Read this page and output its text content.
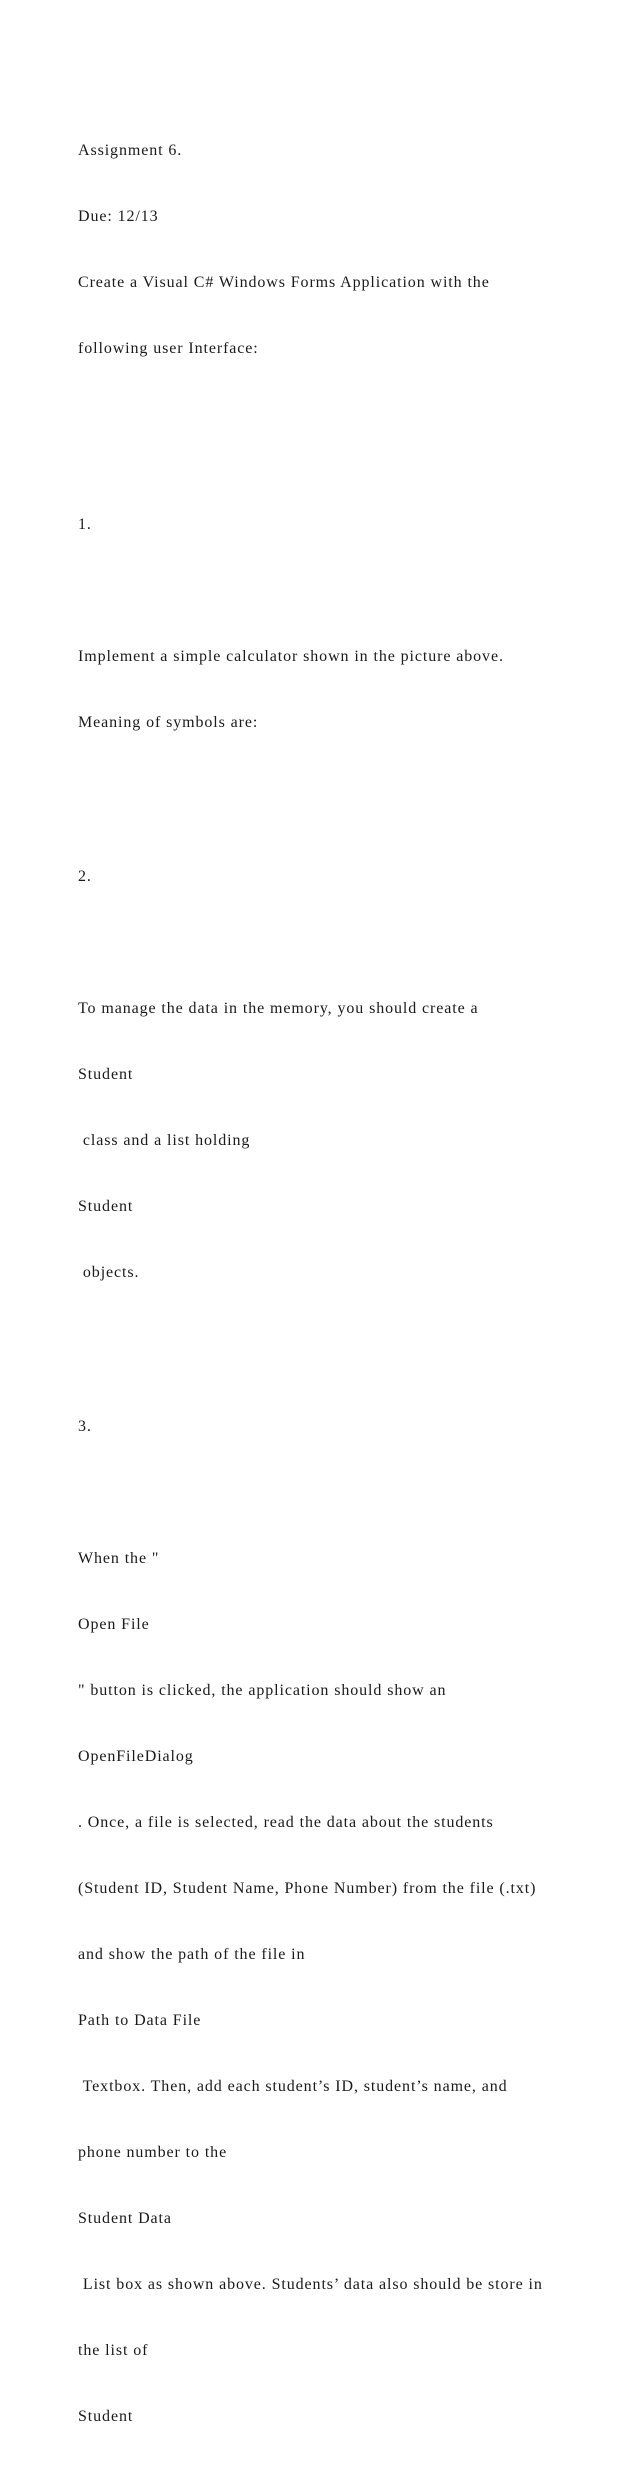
Assignment 6.

Due: 12/13

Create a Visual C# Windows Forms Application with the

following user Interface:

1.

Implement a simple calculator shown in the picture above.

Meaning of symbols are:

2.

To manage the data in the memory, you should create a

Student

class and a list holding

Student

objects.

3.

When the "

Open File

" button is clicked, the application should show an

OpenFileDialog

. Once, a file is selected, read the data about the students

(Student ID, Student Name, Phone Number) from the file (.txt)

and show the path of the file in

Path to Data File

Textbox. Then, add each student’s ID, student’s name, and

phone number to the

Student Data

List box as shown above. Students’ data also should be store in

the list of

Student
